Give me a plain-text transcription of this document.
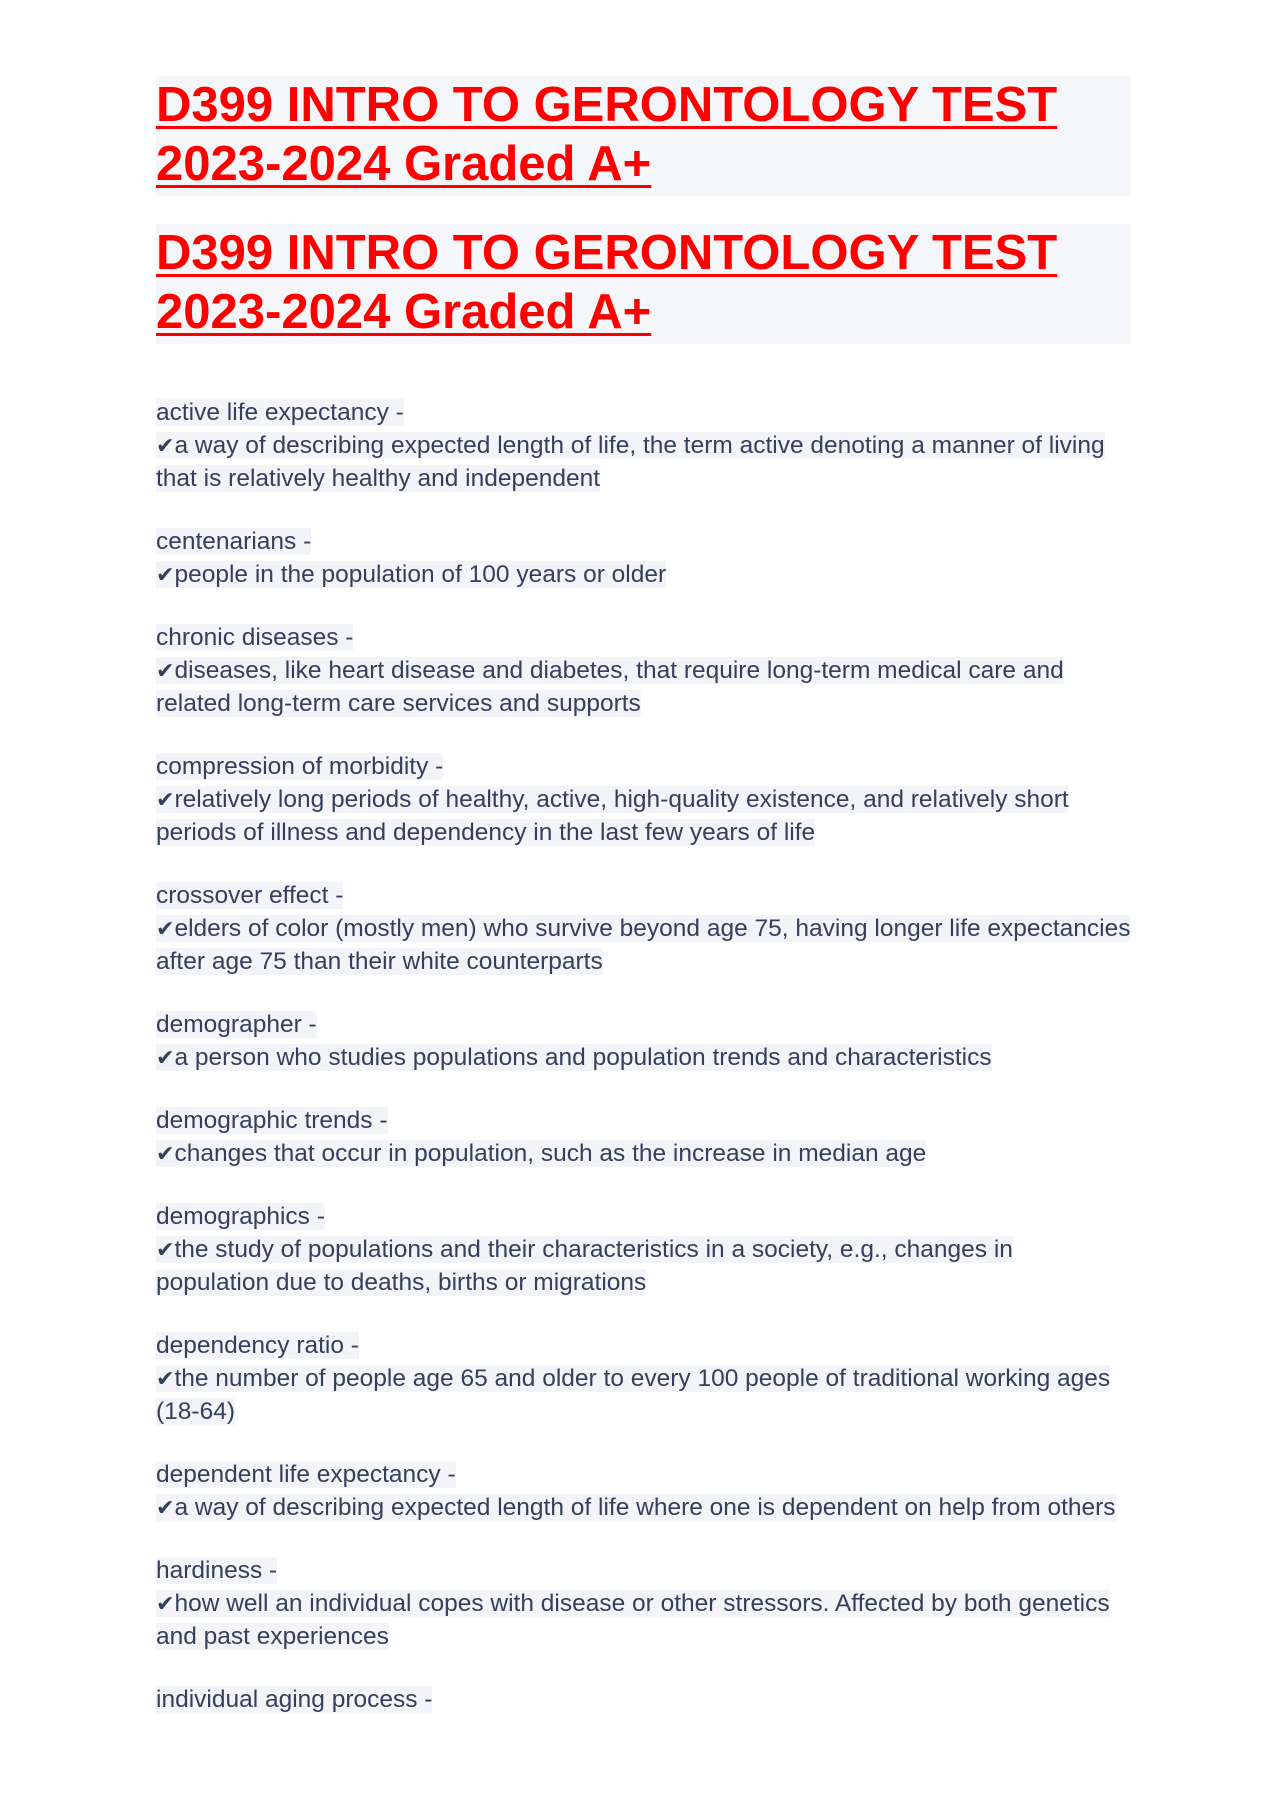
D399 INTRO TO GERONTOLOGY TEST 2023-2024 Graded A+
D399 INTRO TO GERONTOLOGY TEST 2023-2024 Graded A+
active life expectancy -
✔a way of describing expected length of life, the term active denoting a manner of living that is relatively healthy and independent
centenarians -
✔people in the population of 100 years or older
chronic diseases -
✔diseases, like heart disease and diabetes, that require long-term medical care and related long-term care services and supports
compression of morbidity -
✔relatively long periods of healthy, active, high-quality existence, and relatively short periods of illness and dependency in the last few years of life
crossover effect -
✔elders of color (mostly men) who survive beyond age 75, having longer life expectancies after age 75 than their white counterparts
demographer -
✔a person who studies populations and population trends and characteristics
demographic trends -
✔changes that occur in population, such as the increase in median age
demographics -
✔the study of populations and their characteristics in a society, e.g., changes in population due to deaths, births or migrations
dependency ratio -
✔the number of people age 65 and older to every 100 people of traditional working ages (18-64)
dependent life expectancy -
✔a way of describing expected length of life where one is dependent on help from others
hardiness -
✔how well an individual copes with disease or other stressors. Affected by both genetics and past experiences
individual aging process -
